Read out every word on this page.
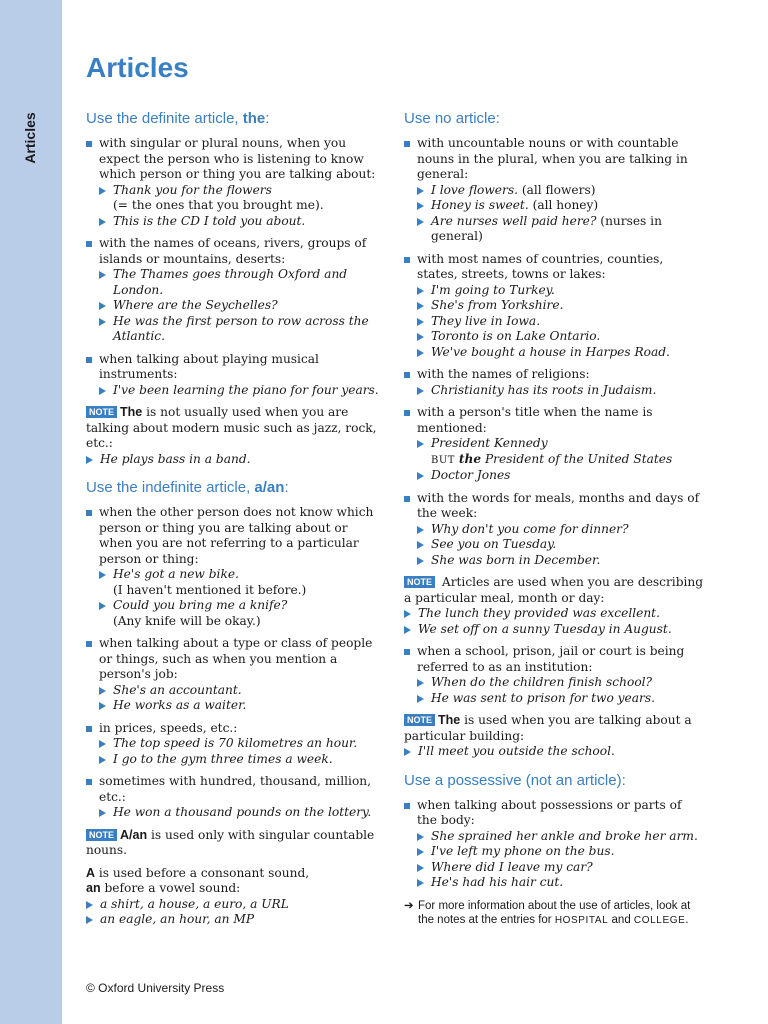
Articles
Articles
Use the definite article, the:
with singular or plural nouns, when you expect the person who is listening to know which person or thing you are talking about:
Thank you for the flowers
(= the ones that you brought me).
This is the CD I told you about.
with the names of oceans, rivers, groups of islands or mountains, deserts:
The Thames goes through Oxford and London.
Where are the Seychelles?
He was the first person to row across the Atlantic.
when talking about playing musical instruments:
I've been learning the piano for four years.
NOTE The is not usually used when you are talking about modern music such as jazz, rock, etc.:
He plays bass in a band.
Use the indefinite article, a/an:
when the other person does not know which person or thing you are talking about or when you are not referring to a particular person or thing:
He's got a new bike.
(I haven't mentioned it before.)
Could you bring me a knife?
(Any knife will be okay.)
when talking about a type or class of people or things, such as when you mention a person's job:
She's an accountant.
He works as a waiter.
in prices, speeds, etc.:
The top speed is 70 kilometres an hour.
I go to the gym three times a week.
sometimes with hundred, thousand, million, etc.:
He won a thousand pounds on the lottery.
NOTE A/an is used only with singular countable nouns.
A is used before a consonant sound,
an before a vowel sound:
a shirt, a house, a euro, a URL
an eagle, an hour, an MP
Use no article:
with uncountable nouns or with countable nouns in the plural, when you are talking in general:
I love flowers. (all flowers)
Honey is sweet. (all honey)
Are nurses well paid here? (nurses in general)
with most names of countries, counties, states, streets, towns or lakes:
I'm going to Turkey.
She's from Yorkshire.
They live in Iowa.
Toronto is on Lake Ontario.
We've bought a house in Harpes Road.
with the names of religions:
Christianity has its roots in Judaism.
with a person's title when the name is mentioned:
President Kennedy
BUT the President of the United States
Doctor Jones
with the words for meals, months and days of the week:
Why don't you come for dinner?
See you on Tuesday.
She was born in December.
NOTE Articles are used when you are describing a particular meal, month or day:
The lunch they provided was excellent.
We set off on a sunny Tuesday in August.
when a school, prison, jail or court is being referred to as an institution:
When do the children finish school?
He was sent to prison for two years.
NOTE The is used when you are talking about a particular building:
I'll meet you outside the school.
Use a possessive (not an article):
when talking about possessions or parts of the body:
She sprained her ankle and broke her arm.
I've left my phone on the bus.
Where did I leave my car?
He's had his hair cut.
➔ For more information about the use of articles, look at the notes at the entries for HOSPITAL and COLLEGE.
© Oxford University Press
